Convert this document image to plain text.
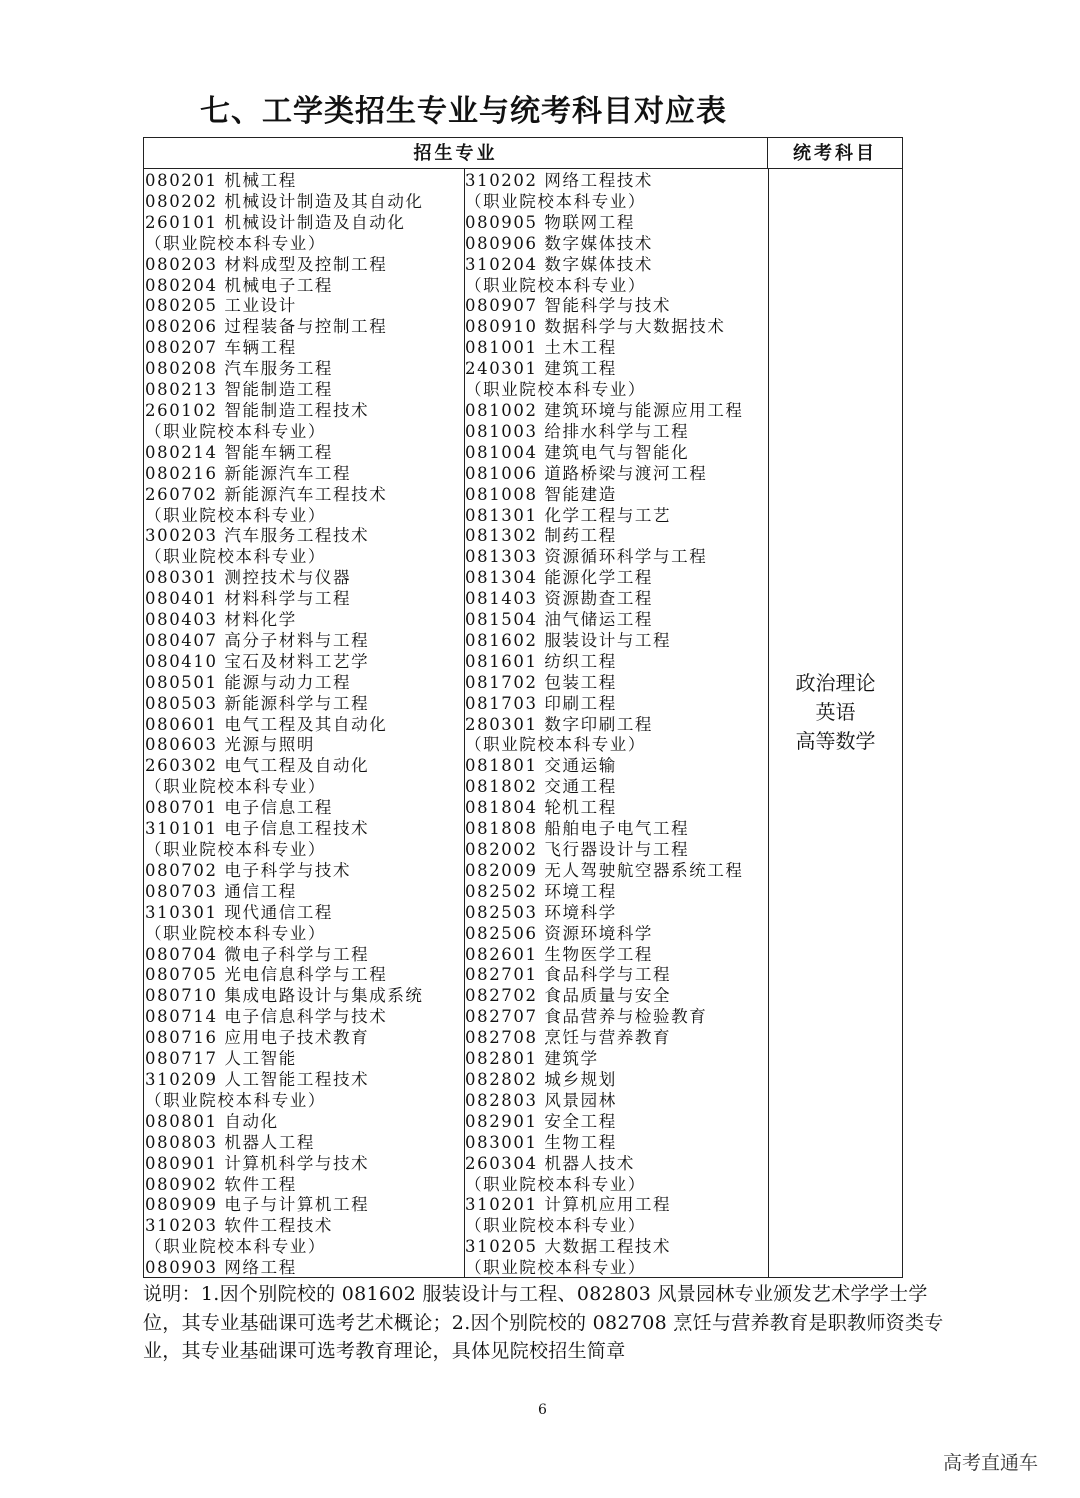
七、工学类招生专业与统考科目对应表
招生专业	统考科目
080201 机械工程
080202 机械设计制造及其自动化
260101 机械设计制造及自动化
（职业院校本科专业）
080203 材料成型及控制工程
080204 机械电子工程
080205 工业设计
080206 过程装备与控制工程
080207 车辆工程
080208 汽车服务工程
080213 智能制造工程
260102 智能制造工程技术
（职业院校本科专业）
080214 智能车辆工程
080216 新能源汽车工程
260702 新能源汽车工程技术
（职业院校本科专业）
300203 汽车服务工程技术
（职业院校本科专业）
080301 测控技术与仪器
080401 材料科学与工程
080403 材料化学
080407 高分子材料与工程
080410 宝石及材料工艺学
080501 能源与动力工程
080503 新能源科学与工程
080601 电气工程及其自动化
080603 光源与照明
260302 电气工程及自动化
（职业院校本科专业）
080701 电子信息工程
310101 电子信息工程技术
（职业院校本科专业）
080702 电子科学与技术
080703 通信工程
310301 现代通信工程
（职业院校本科专业）
080704 微电子科学与工程
080705 光电信息科学与工程
080710 集成电路设计与集成系统
080714 电子信息科学与技术
080716 应用电子技术教育
080717 人工智能
310209 人工智能工程技术
（职业院校本科专业）
080801 自动化
080803 机器人工程
080901 计算机科学与技术
080902 软件工程
080909 电子与计算机工程
310203 软件工程技术
（职业院校本科专业）
080903 网络工程
310202 网络工程技术
（职业院校本科专业）
080905 物联网工程
080906 数字媒体技术
310204 数字媒体技术
（职业院校本科专业）
080907 智能科学与技术
080910 数据科学与大数据技术
081001 土木工程
240301 建筑工程
（职业院校本科专业）
081002 建筑环境与能源应用工程
081003 给排水科学与工程
081004 建筑电气与智能化
081006 道路桥梁与渡河工程
081008 智能建造
081301 化学工程与工艺
081302 制药工程
081303 资源循环科学与工程
081304 能源化学工程
081403 资源勘查工程
081504 油气储运工程
081602 服装设计与工程
081601 纺织工程
081702 包装工程
081703 印刷工程
280301 数字印刷工程
（职业院校本科专业）
081801 交通运输
081802 交通工程
081804 轮机工程
081808 船舶电子电气工程
082002 飞行器设计与工程
082009 无人驾驶航空器系统工程
082502 环境工程
082503 环境科学
082506 资源环境科学
082601 生物医学工程
082701 食品科学与工程
082702 食品质量与安全
082707 食品营养与检验教育
082708 烹饪与营养教育
082801 建筑学
082802 城乡规划
082803 风景园林
082901 安全工程
083001 生物工程
260304 机器人技术
（职业院校本科专业）
310201 计算机应用工程
（职业院校本科专业）
310205 大数据工程技术
（职业院校本科专业）
政治理论
英语
高等数学
说明：1.因个别院校的 081602 服装设计与工程、082803 风景园林专业颁发艺术学学士学位，其专业基础课可选考艺术概论；2.因个别院校的 082708 烹饪与营养教育是职教师资类专业，其专业基础课可选考教育理论，具体见院校招生简章
6
高考直通车
